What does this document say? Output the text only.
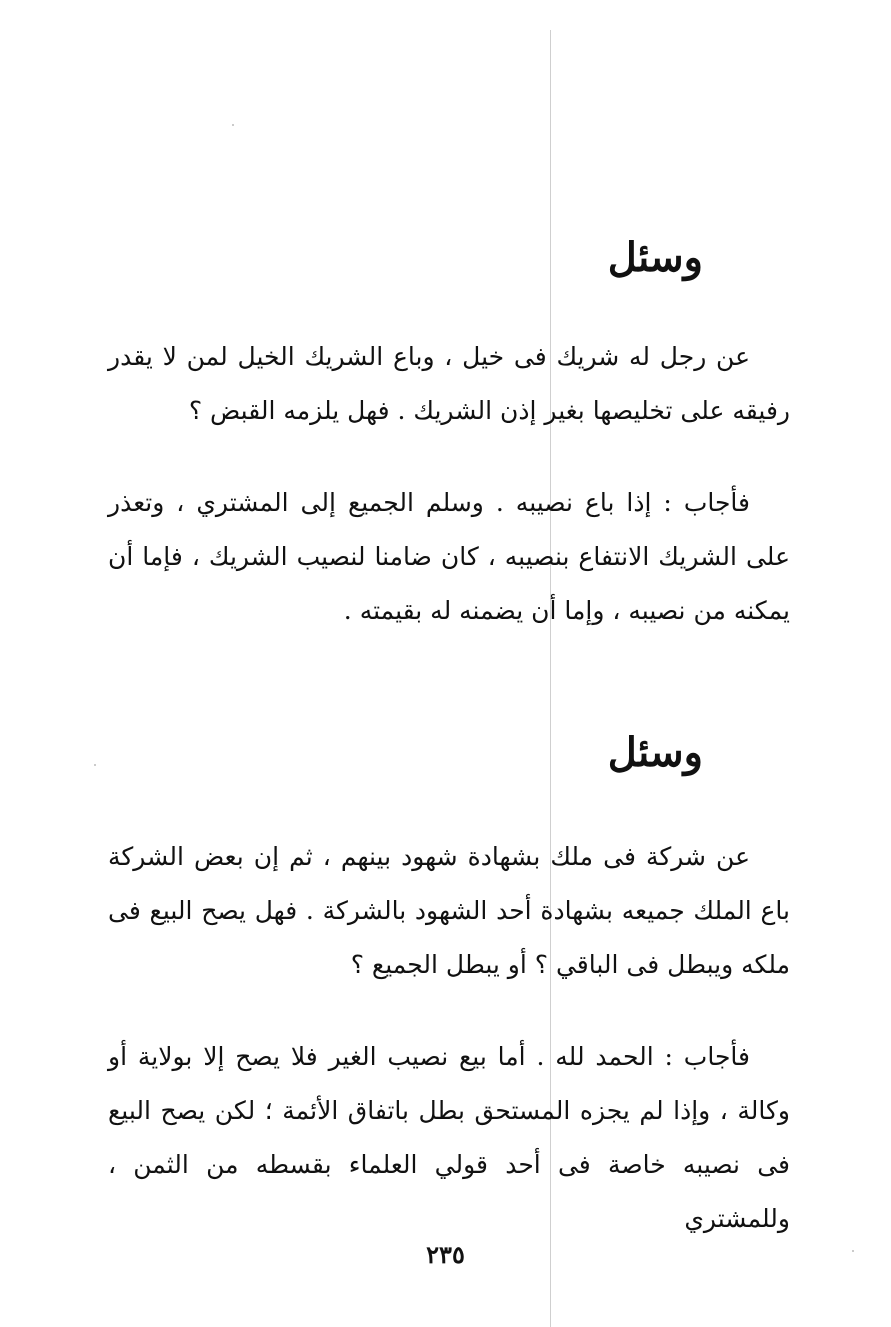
وسئل

عن رجل له شريك فى خيل ، وباع الشريك الخيل لمن لا يقدر رفيقه على تخليصها بغير إذن الشريك . فهل يلزمه القبض ؟

فأجاب : إذا باع نصيبه . وسلم الجميع إلى المشتري ، وتعذر على الشريك الانتفاع بنصيبه ، كان ضامنا لنصيب الشريك ، فإما أن يمكنه من نصيبه ، وإما أن يضمنه له بقيمته .

وسئل

عن شركة فى ملك بشهادة شهود بينهم ، ثم إن بعض الشركة باع الملك جميعه بشهادة أحد الشهود بالشركة . فهل يصح البيع فى ملكه ويبطل فى الباقي ؟ أو يبطل الجميع ؟

فأجاب : الحمد لله . أما بيع نصيب الغير فلا يصح إلا بولاية أو وكالة ، وإذا لم يجزه المستحق بطل باتفاق الأئمة ؛ لكن يصح البيع فى نصيبه خاصة فى أحد قولي العلماء بقسطه من الثمن ، وللمشتري

٢٣٥
